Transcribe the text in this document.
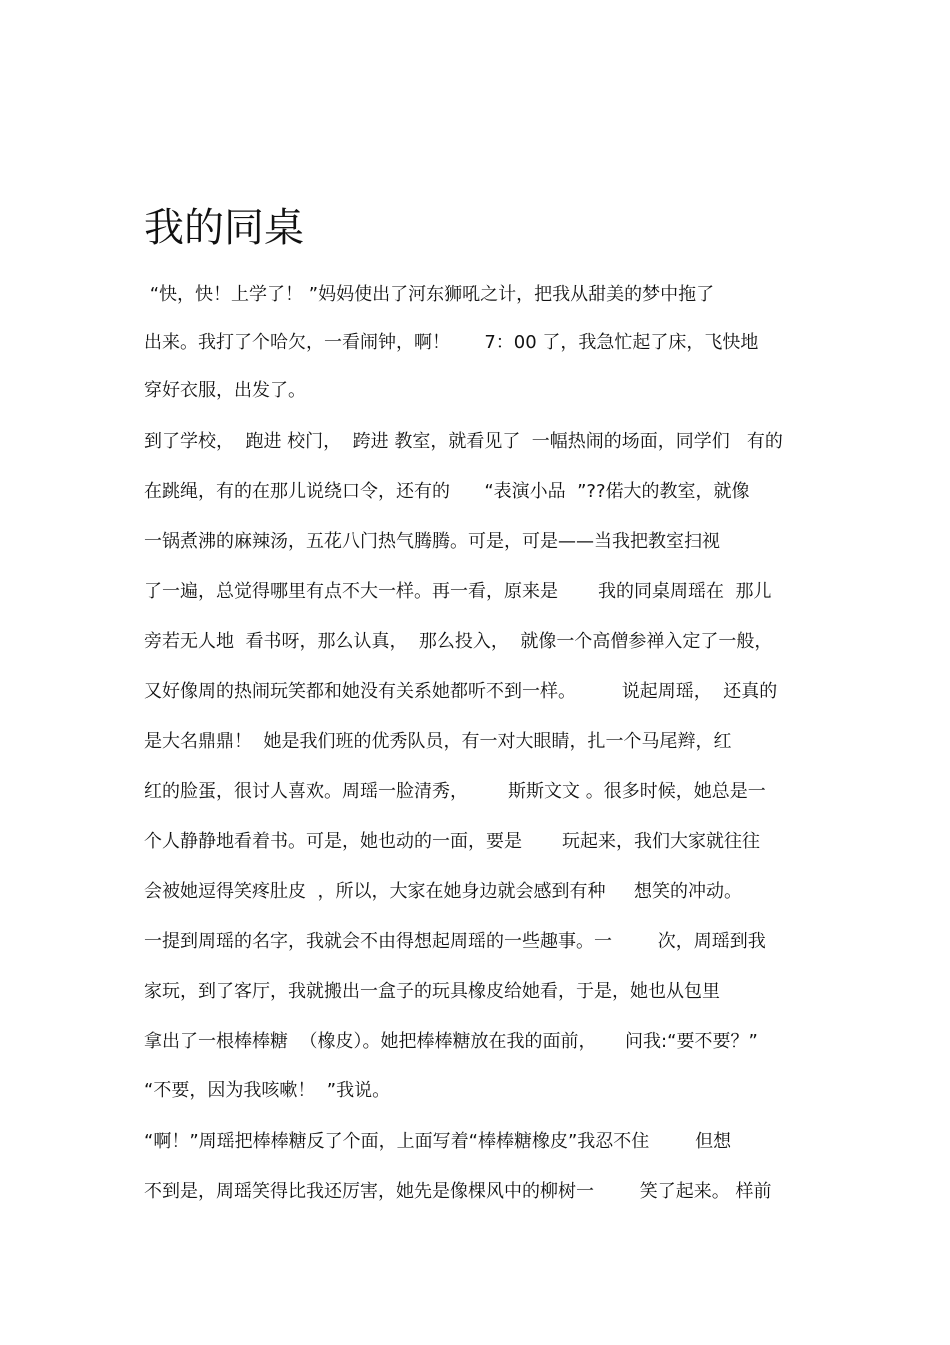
我的同桌

“快，快！上学了！ ”妈妈使出了河东狮吼之计，把我从甜美的梦中拖了

出来。我打了个哈欠，一看闹钟，啊！      7：00 了，我急忙起了床，飞快地

穿好衣服，出发了。

到了学校，  跑进 校门，  跨进 教室，就看见了  一幅热闹的场面，同学们   有的

在跳绳，有的在那儿说绕口令，还有的      “表演小品  ”??偌大的教室，就像

一锅煮沸的麻辣汤，五花八门热气腾腾。可是，可是——当我把教室扫视

了一遍，总觉得哪里有点不大一样。再一看，原来是       我的同桌周瑶在  那儿

旁若无人地  看书呀，那么认真，  那么投入，  就像一个高僧参禅入定了一般，

又好像周的热闹玩笑都和她没有关系她都听不到一样。        说起周瑶，  还真的

是大名鼎鼎！  她是我们班的优秀队员，有一对大眼睛，扎一个马尾辫，红

红的脸蛋，很讨人喜欢。周瑶一脸清秀，       斯斯文文 。很多时候，她总是一

个人静静地看着书。可是，她也动的一面，要是       玩起来，我们大家就往往

会被她逗得笑疼肚皮  ，所以，大家在她身边就会感到有种     想笑的冲动。

一提到周瑶的名字，我就会不由得想起周瑶的一些趣事。一        次，周瑶到我

家玩，到了客厅，我就搬出一盒子的玩具橡皮给她看，于是，她也从包里

拿出了一根棒棒糖  （橡皮）。她把棒棒糖放在我的面前，     问我:“要不要？”

“不要，因为我咳嗽！  ”我说。

“啊！”周瑶把棒棒糖反了个面，上面写着“棒棒糖橡皮”我忍不住        但想

不到是，周瑶笑得比我还厉害，她先是像棵风中的柳树一        笑了起来。 样前
